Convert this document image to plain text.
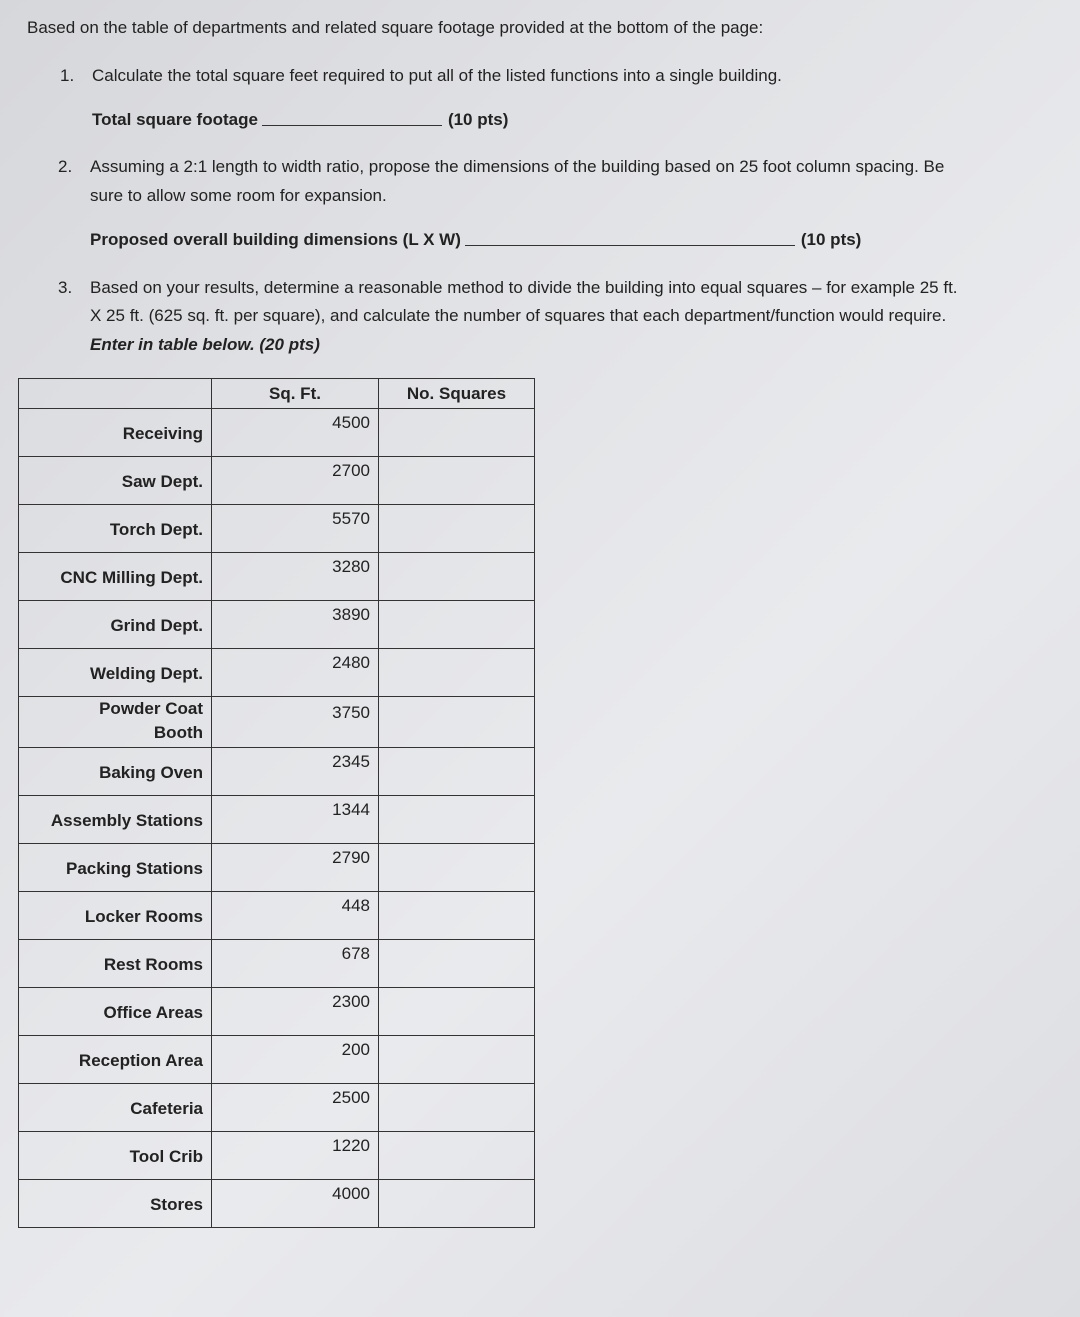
Based on the table of departments and related square footage provided at the bottom of the page:
1. Calculate the total square feet required to put all of the listed functions into a single building.
Total square footage	(10 pts)
2. Assuming a 2:1 length to width ratio, propose the dimensions of the building based on 25 foot column spacing. Be
sure to allow some room for expansion.
Proposed overall building dimensions (L X W)	(10 pts)
3. Based on your results, determine a reasonable method to divide the building into equal squares – for example 25 ft.
X 25 ft. (625 sq. ft. per square), and calculate the number of squares that each department/function would require.
Enter in table below. (20 pts)
	Sq. Ft.	No. Squares
Receiving	4500	
Saw Dept.	2700	
Torch Dept.	5570	
CNC Milling Dept.	3280	
Grind Dept.	3890	
Welding Dept.	2480	

Powder Coat
Booth	3750	
Baking Oven	2345	
Assembly Stations	1344	
Packing Stations	2790	
Locker Rooms	448	
Rest Rooms	678	
Office Areas	2300	
Reception Area	200	
Cafeteria	2500	
Tool Crib	1220	
Stores	4000	
